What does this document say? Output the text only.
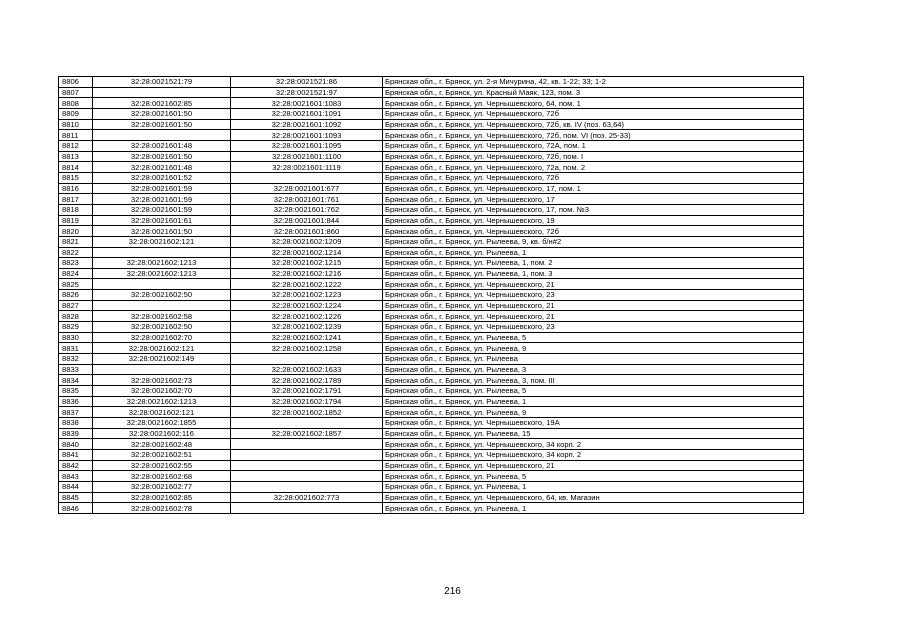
8806	32:28:0021521:79	32:28:0021521:86	Брянская обл., г. Брянск, ул. 2-я Мичурина, 42, кв. 1-22; 33; 1-2
8807		32:28:0021521:97	Брянская обл., г. Брянск, ул. Красный Маяк, 123, пом. 3
8808	32:28:0021602:85	32:28:0021601:1083	Брянская обл., г. Брянск, ул. Чернышевского, 64, пом. 1
8809	32:28:0021601:50	32:28:0021601:1091	Брянская обл., г. Брянск, ул. Чернышевского, 72б
8810	32:28:0021601:50	32:28:0021601:1092	Брянская обл., г. Брянск, ул. Чернышевского, 72б, кв. IV (поз. 63,64)
8811		32:28:0021601:1093	Брянская обл., г. Брянск, ул. Чернышевского, 72б, пом. VI (поз. 25-33)
8812	32:28:0021601:48	32:28:0021601:1095	Брянская обл., г. Брянск, ул. Чернышевского, 72А, пом. 1
8813	32:28:0021601:50	32:28:0021601:1100	Брянская обл., г. Брянск, ул. Чернышевского, 72б, пом. I
8814	32:28:0021601:48	32:28:0021601:1119	Брянская обл., г. Брянск, ул. Чернышевского, 72а, пом. 2
8815	32:28:0021601:52		Брянская обл., г. Брянск, ул. Чернышевского, 72б
8816	32:28:0021601:59	32:28:0021601:677	Брянская обл., г. Брянск, ул. Чернышевского, 17, пом. 1
8817	32:28:0021601:59	32:28:0021601:761	Брянская обл., г. Брянск, ул. Чернышевского, 17
8818	32:28:0021601:59	32:28:0021601:762	Брянская обл., г. Брянск, ул. Чернышевского, 17, пом. №3
8819	32:28:0021601:61	32:28:0021601:844	Брянская обл., г. Брянск, ул. Чернышевского, 19
8820	32:28:0021601:50	32:28:0021601:860	Брянская обл., г. Брянск, ул. Чернышевского, 72б
8821	32:28:0021602:121	32:28:0021602:1209	Брянская обл., г. Брянск, ул. Рылеева, 9, кв. б/н#2
8822		32:28:0021602:1214	Брянская обл., г. Брянск, ул. Рылеева, 1
8823	32:28:0021602:1213	32:28:0021602:1215	Брянская обл., г. Брянск, ул. Рылеева, 1, пом. 2
8824	32:28:0021602:1213	32:28:0021602:1216	Брянская обл., г. Брянск, ул. Рылеева, 1, пом. 3
8825		32:28:0021602:1222	Брянская обл., г. Брянск, ул. Чернышевского, 21
8826	32:28:0021602:50	32:28:0021602:1223	Брянская обл., г. Брянск, ул. Чернышевского, 23
8827		32:28:0021602:1224	Брянская обл., г. Брянск, ул. Чернышевского, 21
8828	32:28:0021602:58	32:28:0021602:1226	Брянская обл., г. Брянск, ул. Чернышевского, 21
8829	32:28:0021602:50	32:28:0021602:1239	Брянская обл., г. Брянск, ул. Чернышевского, 23
8830	32:28:0021602:70	32:28:0021602:1241	Брянская обл., г. Брянск, ул. Рылеева, 5
8831	32:28:0021602:121	32:28:0021602:1258	Брянская обл., г. Брянск, ул. Рылеева, 9
8832	32:28:0021602:149		Брянская обл., г. Брянск, ул. Рылеева
8833		32:28:0021602:1633	Брянская обл., г. Брянск, ул. Рылеева, 3
8834	32:28:0021602:73	32:28:0021602:1789	Брянская обл., г. Брянск, ул. Рылеева, 3, пом. III
8835	32:28:0021602:70	32:28:0021602:1791	Брянская обл., г. Брянск, ул. Рылеева, 5
8836	32:28:0021602:1213	32:28:0021602:1794	Брянская обл., г. Брянск, ул. Рылеева, 1
8837	32:28:0021602:121	32:28:0021602:1852	Брянская обл., г. Брянск, ул. Рылеева, 9
8838	32:28:0021602:1855		Брянская обл., г. Брянск, ул. Чернышевского, 19А
8839	32:28:0021602:116	32:28:0021602:1857	Брянская обл., г. Брянск, ул. Рылеева, 15
8840	32:28:0021602:48		Брянская обл., г. Брянск, ул. Чернышевского, 34 корп. 2
8841	32:28:0021602:51		Брянская обл., г. Брянск, ул. Чернышевского, 34 корп. 2
8842	32:28:0021602:55		Брянская обл., г. Брянск, ул. Чернышевского, 21
8843	32:28:0021602:68		Брянская обл., г. Брянск, ул. Рылеева, 5
8844	32:28:0021602:77		Брянская обл., г. Брянск, ул. Рылеева, 1
8845	32:28:0021602:85	32:28:0021602:773	Брянская обл., г. Брянск, ул. Чернышевского, 64, кв. Магазин
8846	32:28:0021602:78		Брянская обл., г. Брянск, ул. Рылеева, 1
216
